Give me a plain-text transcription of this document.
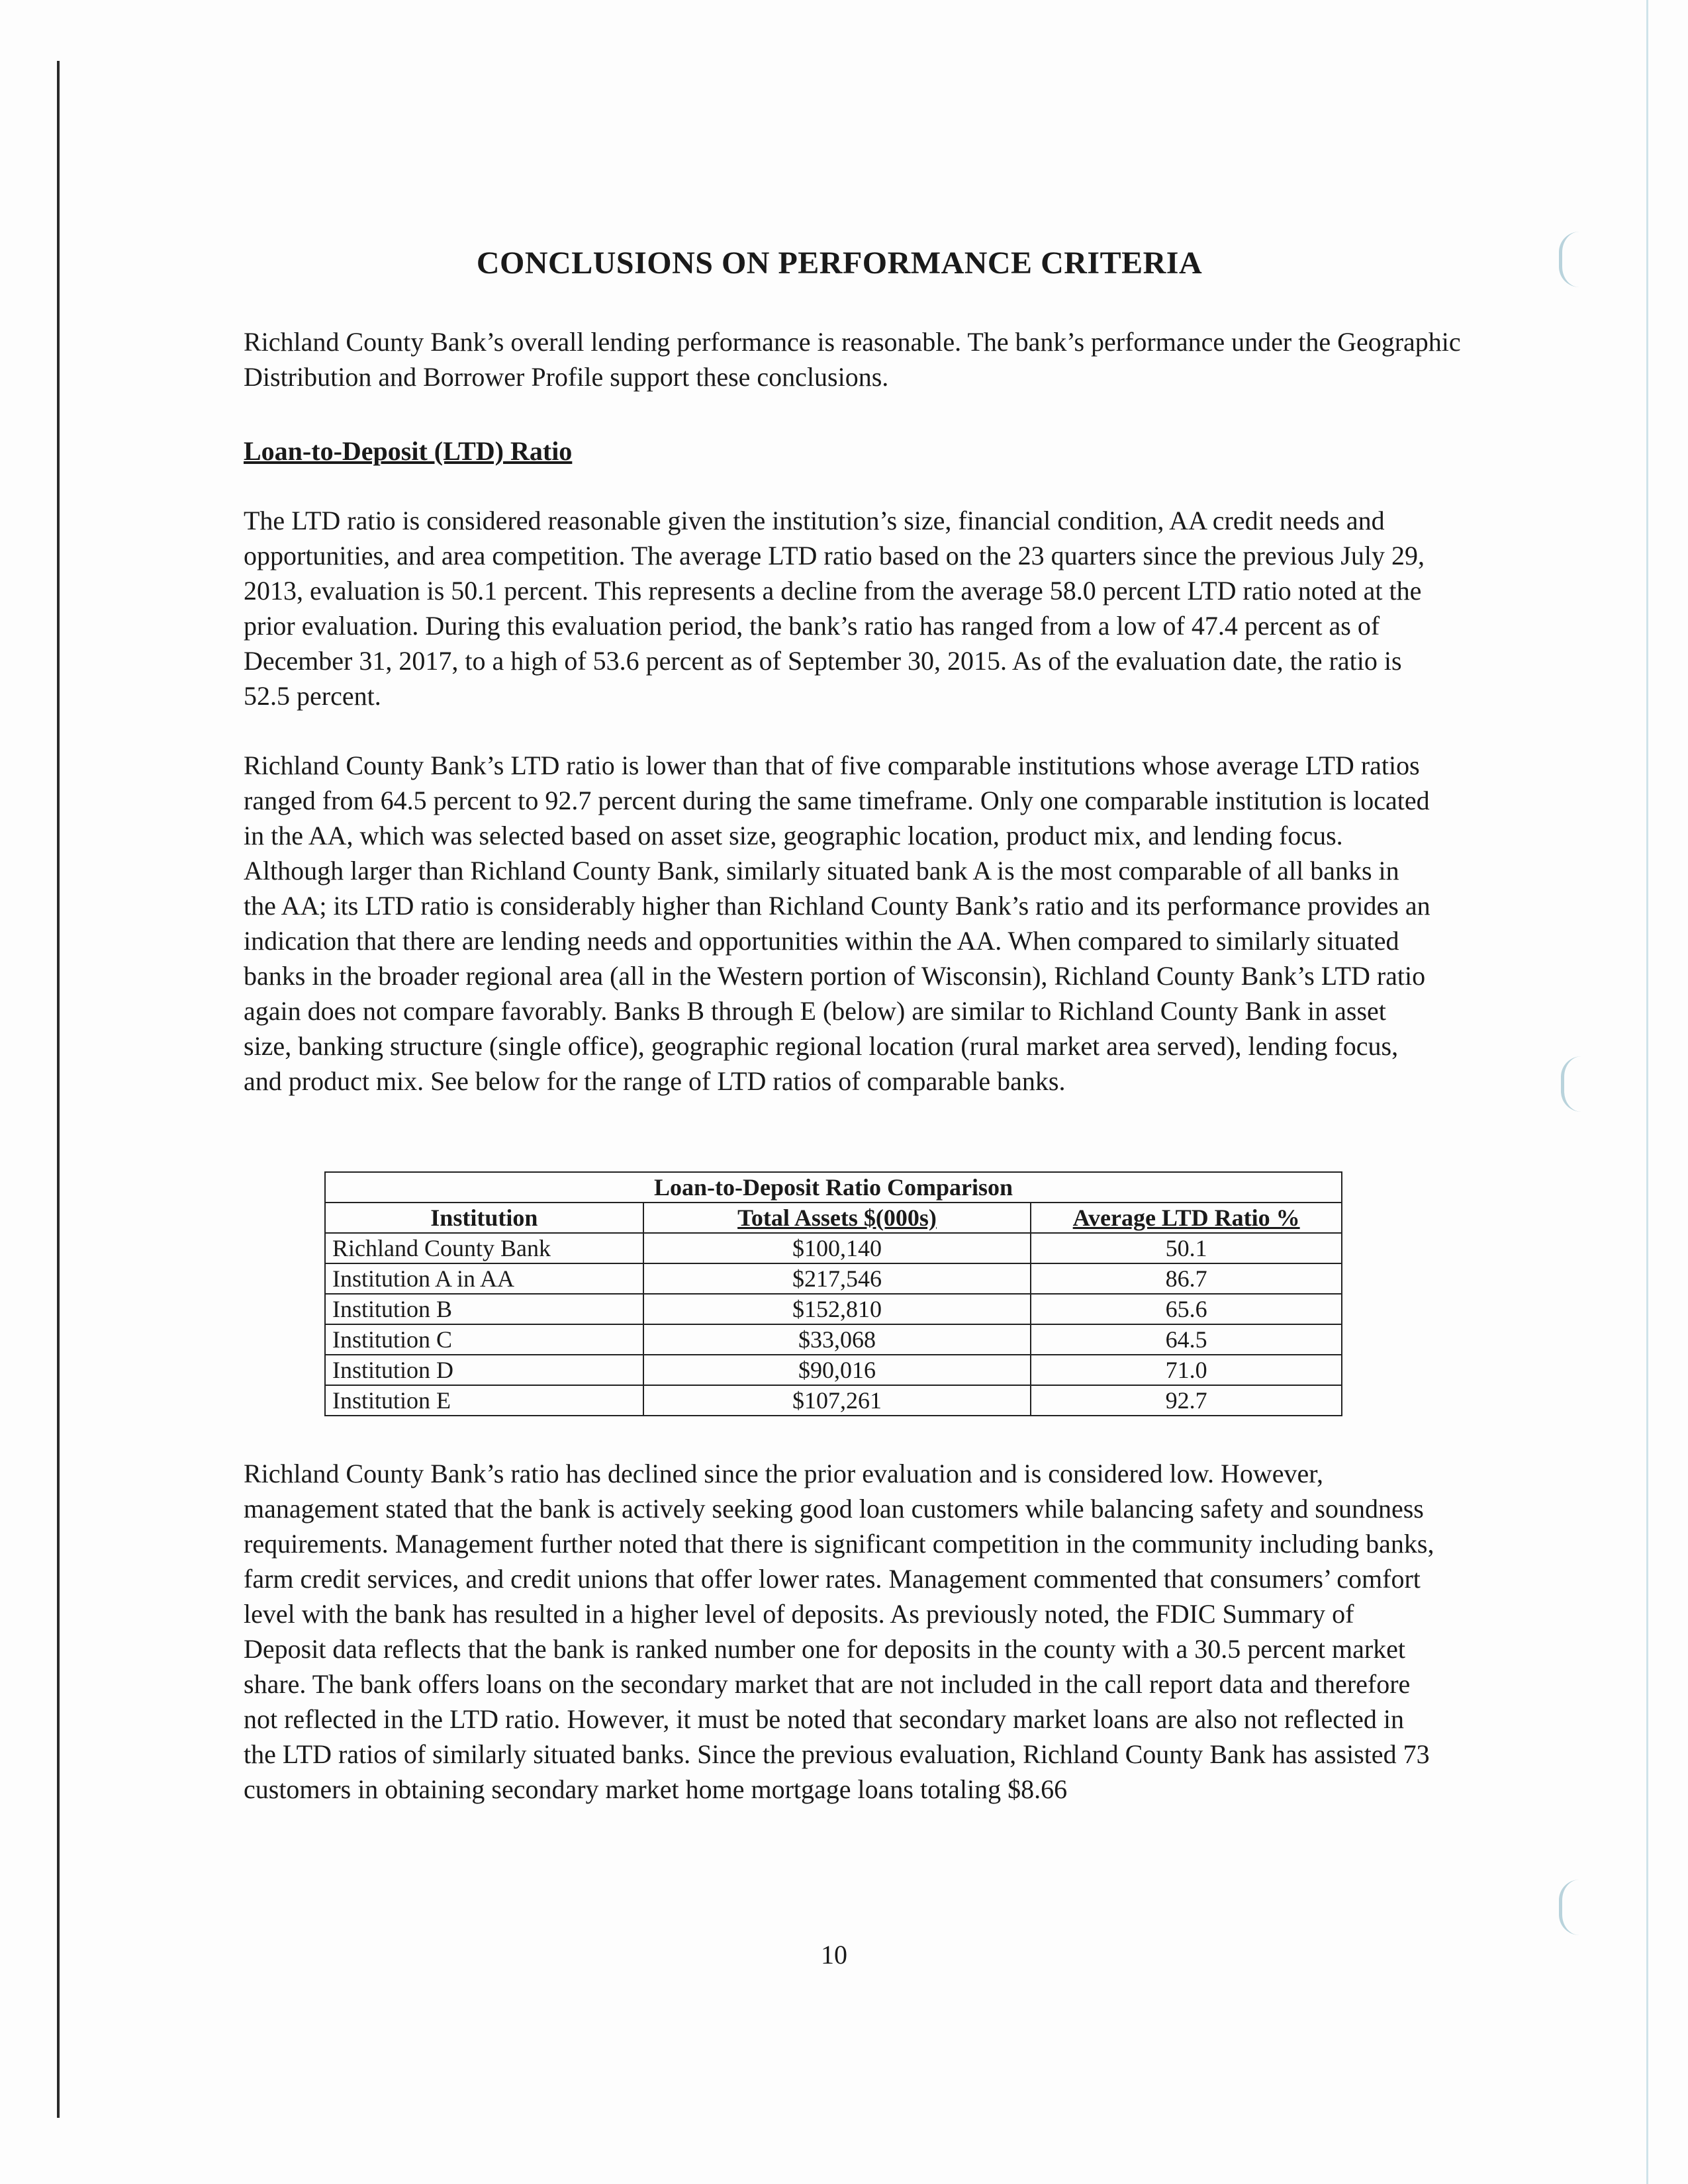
CONCLUSIONS ON PERFORMANCE CRITERIA

Richland County Bank’s overall lending performance is reasonable. The bank’s performance under the Geographic Distribution and Borrower Profile support these conclusions.

Loan-to-Deposit (LTD) Ratio

The LTD ratio is considered reasonable given the institution’s size, financial condition, AA credit needs and opportunities, and area competition. The average LTD ratio based on the 23 quarters since the previous July 29, 2013, evaluation is 50.1 percent. This represents a decline from the average 58.0 percent LTD ratio noted at the prior evaluation. During this evaluation period, the bank’s ratio has ranged from a low of 47.4 percent as of December 31, 2017, to a high of 53.6 percent as of September 30, 2015. As of the evaluation date, the ratio is 52.5 percent.

Richland County Bank’s LTD ratio is lower than that of five comparable institutions whose average LTD ratios ranged from 64.5 percent to 92.7 percent during the same timeframe. Only one comparable institution is located in the AA, which was selected based on asset size, geographic location, product mix, and lending focus. Although larger than Richland County Bank, similarly situated bank A is the most comparable of all banks in the AA; its LTD ratio is considerably higher than Richland County Bank’s ratio and its performance provides an indication that there are lending needs and opportunities within the AA. When compared to similarly situated banks in the broader regional area (all in the Western portion of Wisconsin), Richland County Bank’s LTD ratio again does not compare favorably. Banks B through E (below) are similar to Richland County Bank in asset size, banking structure (single office), geographic regional location (rural market area served), lending focus, and product mix. See below for the range of LTD ratios of comparable banks.

Loan-to-Deposit Ratio Comparison		
Institution	Total Assets $(000s)	Average LTD Ratio %
Richland County Bank	$100,140	50.1
Institution A in AA	$217,546	86.7
Institution B	$152,810	65.6
Institution C	$33,068	64.5
Institution D	$90,016	71.0
Institution E	$107,261	92.7

Richland County Bank’s ratio has declined since the prior evaluation and is considered low. However, management stated that the bank is actively seeking good loan customers while balancing safety and soundness requirements. Management further noted that there is significant competition in the community including banks, farm credit services, and credit unions that offer lower rates. Management commented that consumers’ comfort level with the bank has resulted in a higher level of deposits. As previously noted, the FDIC Summary of Deposit data reflects that the bank is ranked number one for deposits in the county with a 30.5 percent market share. The bank offers loans on the secondary market that are not included in the call report data and therefore not reflected in the LTD ratio. However, it must be noted that secondary market loans are also not reflected in the LTD ratios of similarly situated banks. Since the previous evaluation, Richland County Bank has assisted 73 customers in obtaining secondary market home mortgage loans totaling $8.66

10
